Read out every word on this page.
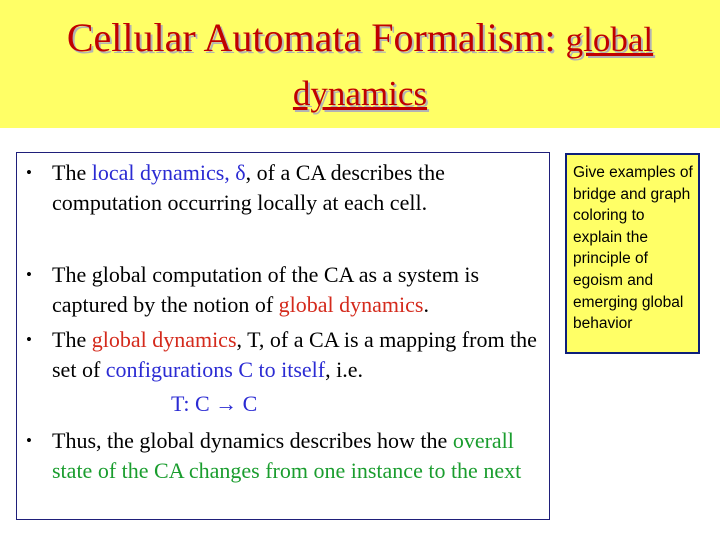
Cellular Automata Formalism: global
dynamics
• The local dynamics, δ, of a CA describes the computation occurring locally at each cell.
• The global computation of the CA as a system is captured by the notion of global dynamics.
• The global dynamics, T, of a CA is a mapping from the set of configurations C to itself, i.e.
T: C → C
• Thus, the global dynamics describes how the overall state of the CA changes from one instance to the next
Give examples of bridge and graph coloring to explain the principle of egoism and emerging global behavior
